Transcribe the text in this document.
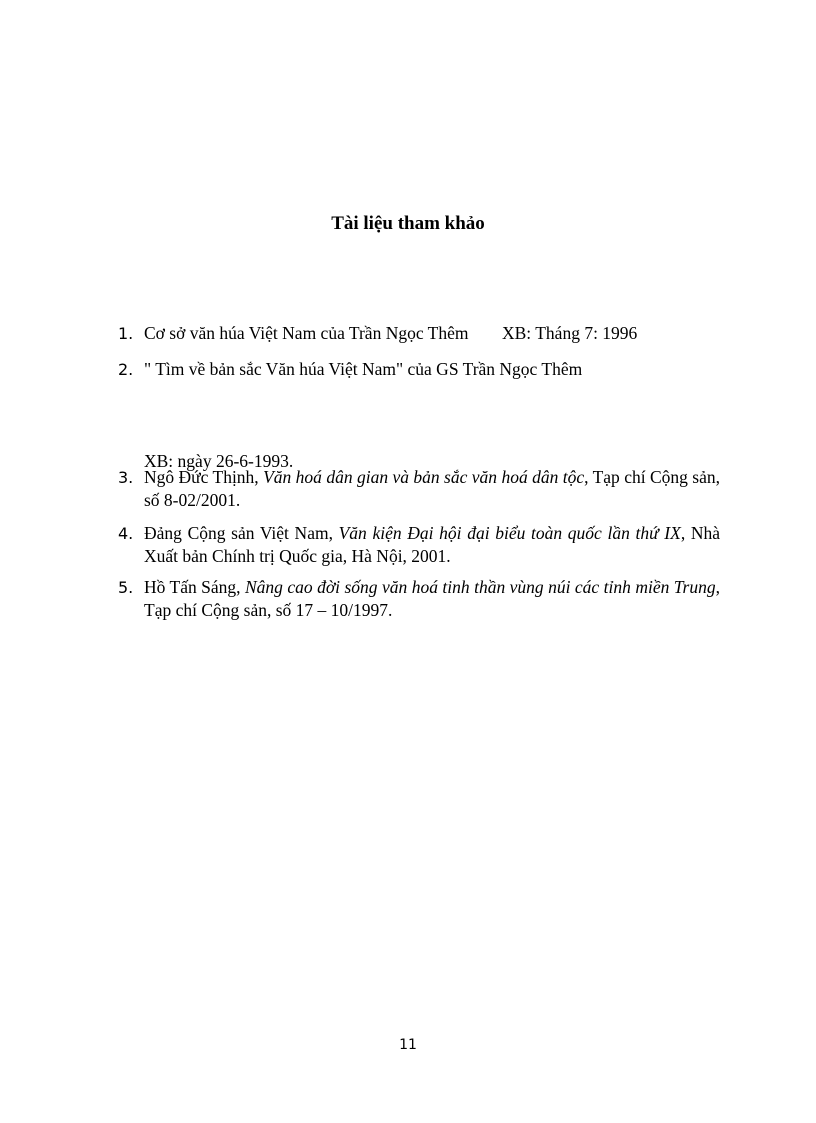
Tài liệu tham khảo
1. Cơ sở văn húa Việt Nam của Trần Ngọc Thêm	XB: Tháng 7: 1996
2. " Tìm về bản sắc Văn húa Việt Nam" của GS Trần Ngọc Thêm
XB: ngày 26-6-1993.
3. Ngô Đức Thịnh, Văn hoá dân gian và bản sắc văn hoá dân tộc, Tạp chí Cộng sản, số 8-02/2001.
4. Đảng Cộng sản Việt Nam, Văn kiện Đại hội đại biểu toàn quốc lần thứ IX, Nhà Xuất bản Chính trị Quốc gia, Hà Nội, 2001.
5. Hồ Tấn Sáng, Nâng cao đời sống văn hoá tinh thần vùng núi các tỉnh miền Trung, Tạp chí Cộng sản, số 17 – 10/1997.
11
